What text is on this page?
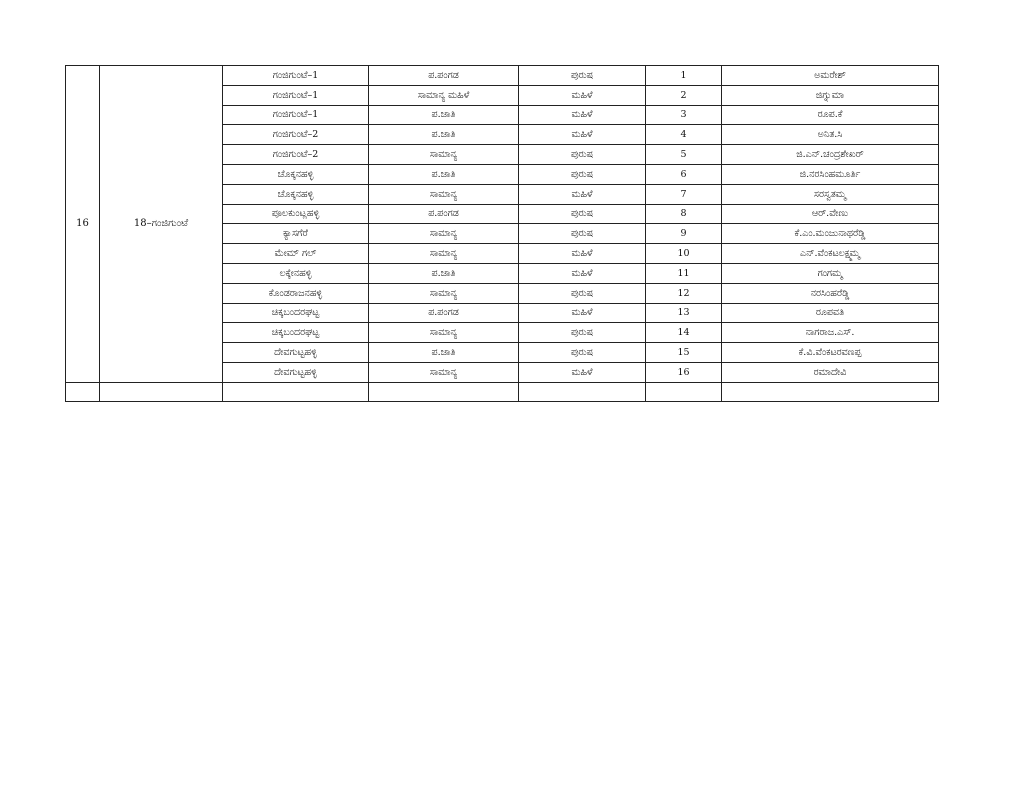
16	18–ಗಂಜಿಗುಂಟೆ	ಗಂಜಿಗುಂಟೆ–1	ಪ.ಪಂಗಡ	ಪುರುಷ	1	ಅಮರೇಶ್
		ಗಂಜಿಗುಂಟೆ–1	ಸಾಮಾನ್ಯ ಮಹಿಳೆ	ಮಹಿಳೆ	2	ಜಿಗ್ನುಮಾ
		ಗಂಜಿಗುಂಟೆ–1	ಪ.ಜಾತಿ	ಮಹಿಳೆ	3	ರೂಪ.ಕೆ
		ಗಂಜಿಗುಂಟೆ–2	ಪ.ಜಾತಿ	ಮಹಿಳೆ	4	ಅನಿತ.ಸಿ
		ಗಂಜಿಗುಂಟೆ–2	ಸಾಮಾನ್ಯ	ಪುರುಷ	5	ಜಿ.ಎನ್.ಚಂದ್ರಶೇಖರ್
		ಚೊಕ್ಕನಹಳ್ಳಿ	ಪ.ಜಾತಿ	ಪುರುಷ	6	ಜಿ.ನರಸಿಂಹಮೂರ್ತಿ
		ಚೊಕ್ಕನಹಳ್ಳಿ	ಸಾಮಾನ್ಯ	ಮಹಿಳೆ	7	ಸರಸ್ವತಮ್ಮ
		ಪೂಲಕುಂಟ್ಲಹಳ್ಳಿ	ಪ.ಪಂಗಡ	ಪುರುಷ	8	ಆರ್.ವೇಣು
		ಕ್ಯಾಸಗೆರೆ	ಸಾಮಾನ್ಯ	ಪುರುಷ	9	ಕೆ.ಎಂ.ಮಂಜುನಾಥರೆಡ್ಡಿ
		ಮೇಮ್ ಗಲ್	ಸಾಮಾನ್ಯ	ಮಹಿಳೆ	10	ಎನ್.ವೆಂಕಟಲಕ್ಷ್ಮಮ್ಮ
		ಲಕ್ಕೇನಹಳ್ಳಿ	ಪ.ಜಾತಿ	ಮಹಿಳೆ	11	ಗಂಗಮ್ಮ
		ಕೊಂಡರಾಜನಹಳ್ಳಿ	ಸಾಮಾನ್ಯ	ಪುರುಷ	12	ನರಸಿಂಹರೆಡ್ಡಿ
		ಚಿಕ್ಕಬಂದರಘಟ್ಟ	ಪ.ಪಂಗಡ	ಮಹಿಳೆ	13	ರೂಪವತಿ
		ಚಿಕ್ಕಬಂದರಘಟ್ಟ	ಸಾಮಾನ್ಯ	ಪುರುಷ	14	ನಾಗರಾಜ.ಎಸ್.
		ದೇವಗುಟ್ಟಹಳ್ಳಿ	ಪ.ಜಾತಿ	ಪುರುಷ	15	ಕೆ.ವಿ.ವೆಂಕಟರವಣಪ್ಪ
		ದೇವಗುಟ್ಟಹಳ್ಳಿ	ಸಾಮಾನ್ಯ	ಮಹಿಳೆ	16	ರಮಾದೇವಿ
